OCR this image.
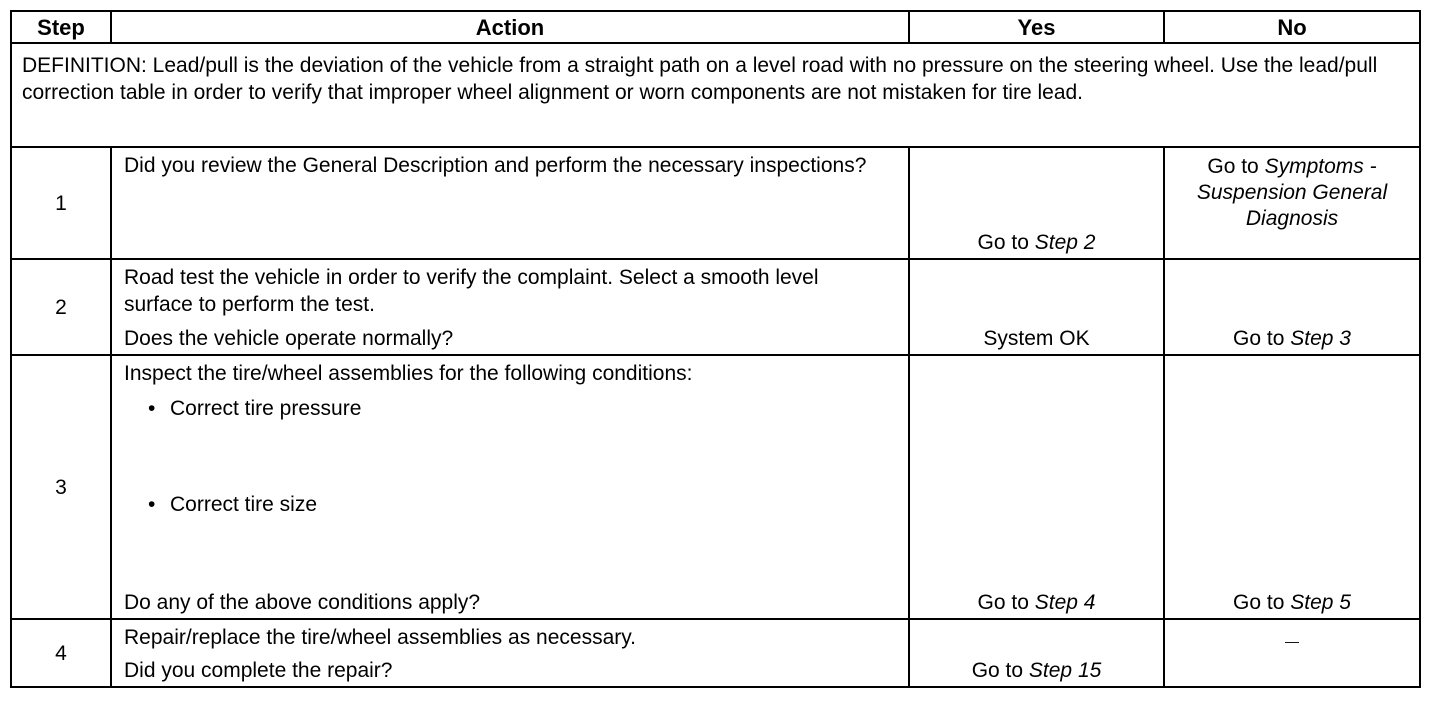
Step	Action	Yes	No
DEFINITION: Lead/pull is the deviation of the vehicle from a straight path on a level road with no pressure on the steering wheel. Use the lead/pull correction table in order to verify that improper wheel alignment or worn components are not mistaken for tire lead.			
1	Did you review the General Description and perform the necessary inspections?	Go to Step 2	Go to Symptoms - Suspension General Diagnosis
2	Road test the vehicle in order to verify the complaint. Select a smooth level surface to perform the test.
Does the vehicle operate normally?	System OK	Go to Step 3
3	Inspect the tire/wheel assemblies for the following conditions:
• Correct tire pressure
• Correct tire size
Do any of the above conditions apply?	Go to Step 4	Go to Step 5
4	Repair/replace the tire/wheel assemblies as necessary.
Did you complete the repair?	Go to Step 15	—
